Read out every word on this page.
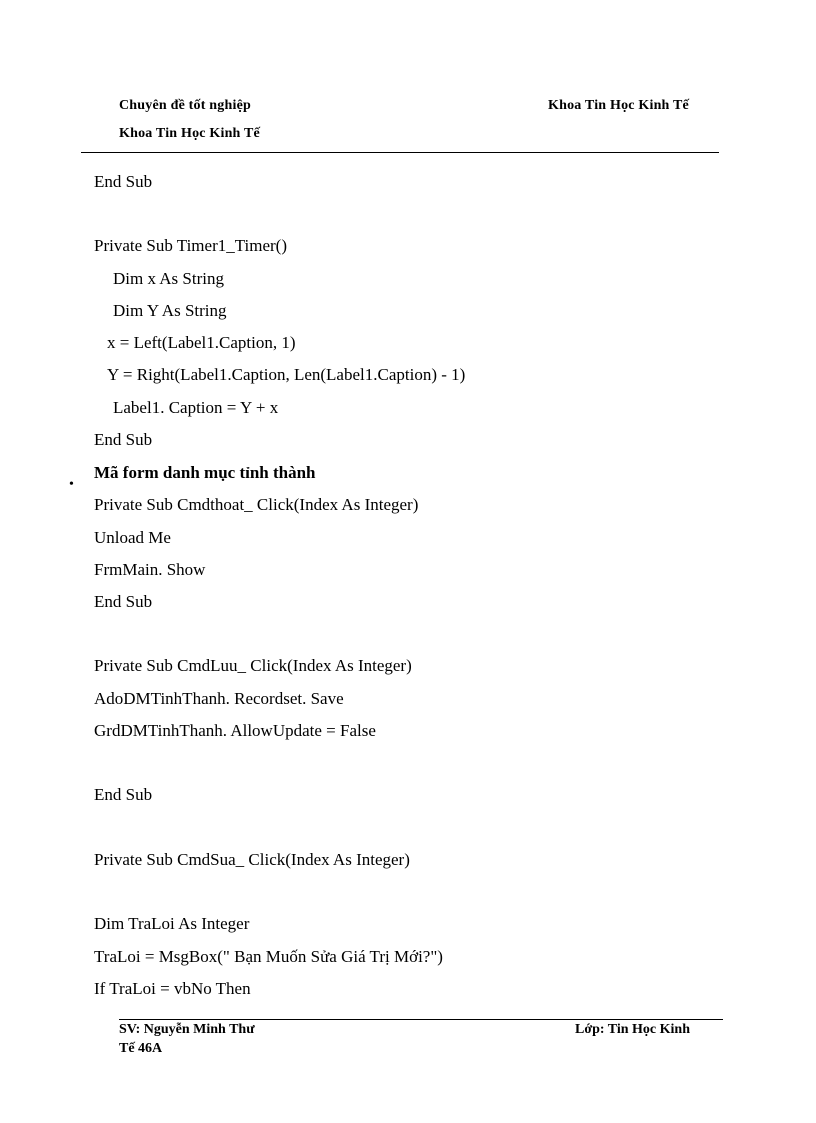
Chuyên đề tốt nghiệp	Khoa Tin Học Kinh Tế
Khoa Tin Học Kinh Tế
End Sub
Private Sub Timer1_Timer()
Dim x As String
Dim Y As String
x = Left(Label1.Caption, 1)
Y = Right(Label1.Caption, Len(Label1.Caption) - 1)
Label1. Caption = Y + x
End Sub
•
Mã form danh mục tỉnh thành
Private Sub Cmdthoat_ Click(Index As Integer)
Unload Me
FrmMain. Show
End Sub
Private Sub CmdLuu_ Click(Index As Integer)
AdoDMTinhThanh. Recordset. Save
GrdDMTinhThanh. AllowUpdate = False
End Sub
Private Sub CmdSua_ Click(Index As Integer)
Dim TraLoi As Integer
TraLoi = MsgBox(" Bạn Muốn Sửa Giá Trị Mới?")
If TraLoi = vbNo Then
SV: Nguyễn Minh Thư	Lớp: Tin Học Kinh
Tế 46A
